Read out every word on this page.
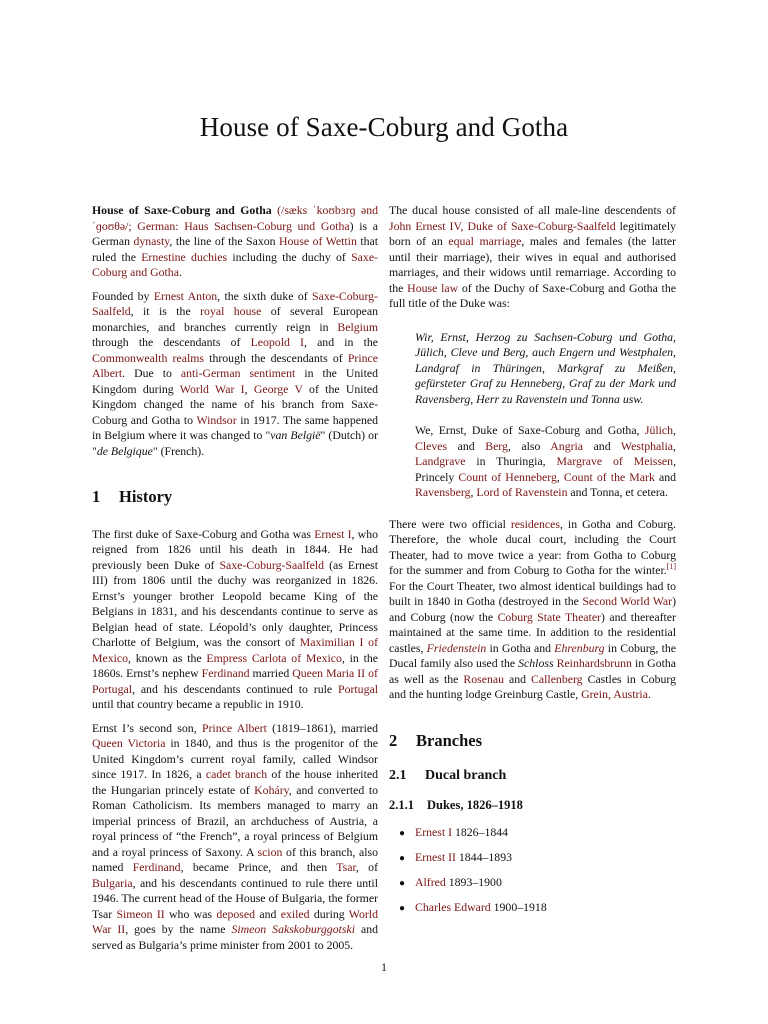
House of Saxe-Coburg and Gotha

House of Saxe-Coburg and Gotha (/sæks ˈkoʊbɜrɡ ənd ˈɡoʊθə/; German: Haus Sachsen-Coburg und Gotha) is a German dynasty, the line of the Saxon House of Wettin that ruled the Ernestine duchies including the duchy of Saxe-Coburg and Gotha.

Founded by Ernest Anton, the sixth duke of Saxe-Coburg-Saalfeld, it is the royal house of several European monarchies, and branches currently reign in Belgium through the descendants of Leopold I, and in the Commonwealth realms through the descendants of Prince Albert. Due to anti-German sentiment in the United Kingdom during World War I, George V of the United Kingdom changed the name of his branch from Saxe-Coburg and Gotha to Windsor in 1917. The same happened in Belgium where it was changed to "van België" (Dutch) or "de Belgique" (French).

1	History

The first duke of Saxe-Coburg and Gotha was Ernest I, who reigned from 1826 until his death in 1844. He had previously been Duke of Saxe-Coburg-Saalfeld (as Ernest III) from 1806 until the duchy was reorganized in 1826. Ernst’s younger brother Leopold became King of the Belgians in 1831, and his descendants continue to serve as Belgian head of state. Léopold’s only daughter, Princess Charlotte of Belgium, was the consort of Maximilian I of Mexico, known as the Empress Carlota of Mexico, in the 1860s. Ernst’s nephew Ferdinand married Queen Maria II of Portugal, and his descendants continued to rule Portugal until that country became a republic in 1910.

Ernst I’s second son, Prince Albert (1819–1861), married Queen Victoria in 1840, and thus is the progenitor of the United Kingdom’s current royal family, called Windsor since 1917. In 1826, a cadet branch of the house inherited the Hungarian princely estate of Koháry, and converted to Roman Catholicism. Its members managed to marry an imperial princess of Brazil, an archduchess of Austria, a royal princess of “the French”, a royal princess of Belgium and a royal princess of Saxony. A scion of this branch, also named Ferdinand, became Prince, and then Tsar, of Bulgaria, and his descendants continued to rule there until 1946. The current head of the House of Bulgaria, the former Tsar Simeon II who was deposed and exiled during World War II, goes by the name Simeon Sakskoburggotski and served as Bulgaria’s prime minister from 2001 to 2005.

The ducal house consisted of all male-line descendents of John Ernest IV, Duke of Saxe-Coburg-Saalfeld legitimately born of an equal marriage, males and females (the latter until their marriage), their wives in equal and authorised marriages, and their widows until remarriage. According to the House law of the Duchy of Saxe-Coburg and Gotha the full title of the Duke was:

Wir, Ernst, Herzog zu Sachsen-Coburg und Gotha, Jülich, Cleve und Berg, auch Engern und Westphalen, Landgraf in Thüringen, Markgraf zu Meißen, gefürsteter Graf zu Henneberg, Graf zu der Mark und Ravensberg, Herr zu Ravenstein und Tonna usw.

We, Ernst, Duke of Saxe-Coburg and Gotha, Jülich, Cleves and Berg, also Angria and Westphalia, Landgrave in Thuringia, Margrave of Meissen, Princely Count of Henneberg, Count of the Mark and Ravensberg, Lord of Ravenstein and Tonna, et cetera.

There were two official residences, in Gotha and Coburg. Therefore, the whole ducal court, including the Court Theater, had to move twice a year: from Gotha to Coburg for the summer and from Coburg to Gotha for the winter.[1] For the Court Theater, two almost identical buildings had to built in 1840 in Gotha (destroyed in the Second World War) and Coburg (now the Coburg State Theater) and thereafter maintained at the same time. In addition to the residential castles, Friedenstein in Gotha and Ehrenburg in Coburg, the Ducal family also used the Schloss Reinhardsbrunn in Gotha as well as the Rosenau and Callenberg Castles in Coburg and the hunting lodge Greinburg Castle, Grein, Austria.

2	Branches
2.1	Ducal branch
2.1.1	Dukes, 1826–1918
● Ernest I
1826–1844
● Ernest II
1844–1893
● Alfred
1893–1900
● Charles Edward
1900–1918
1
